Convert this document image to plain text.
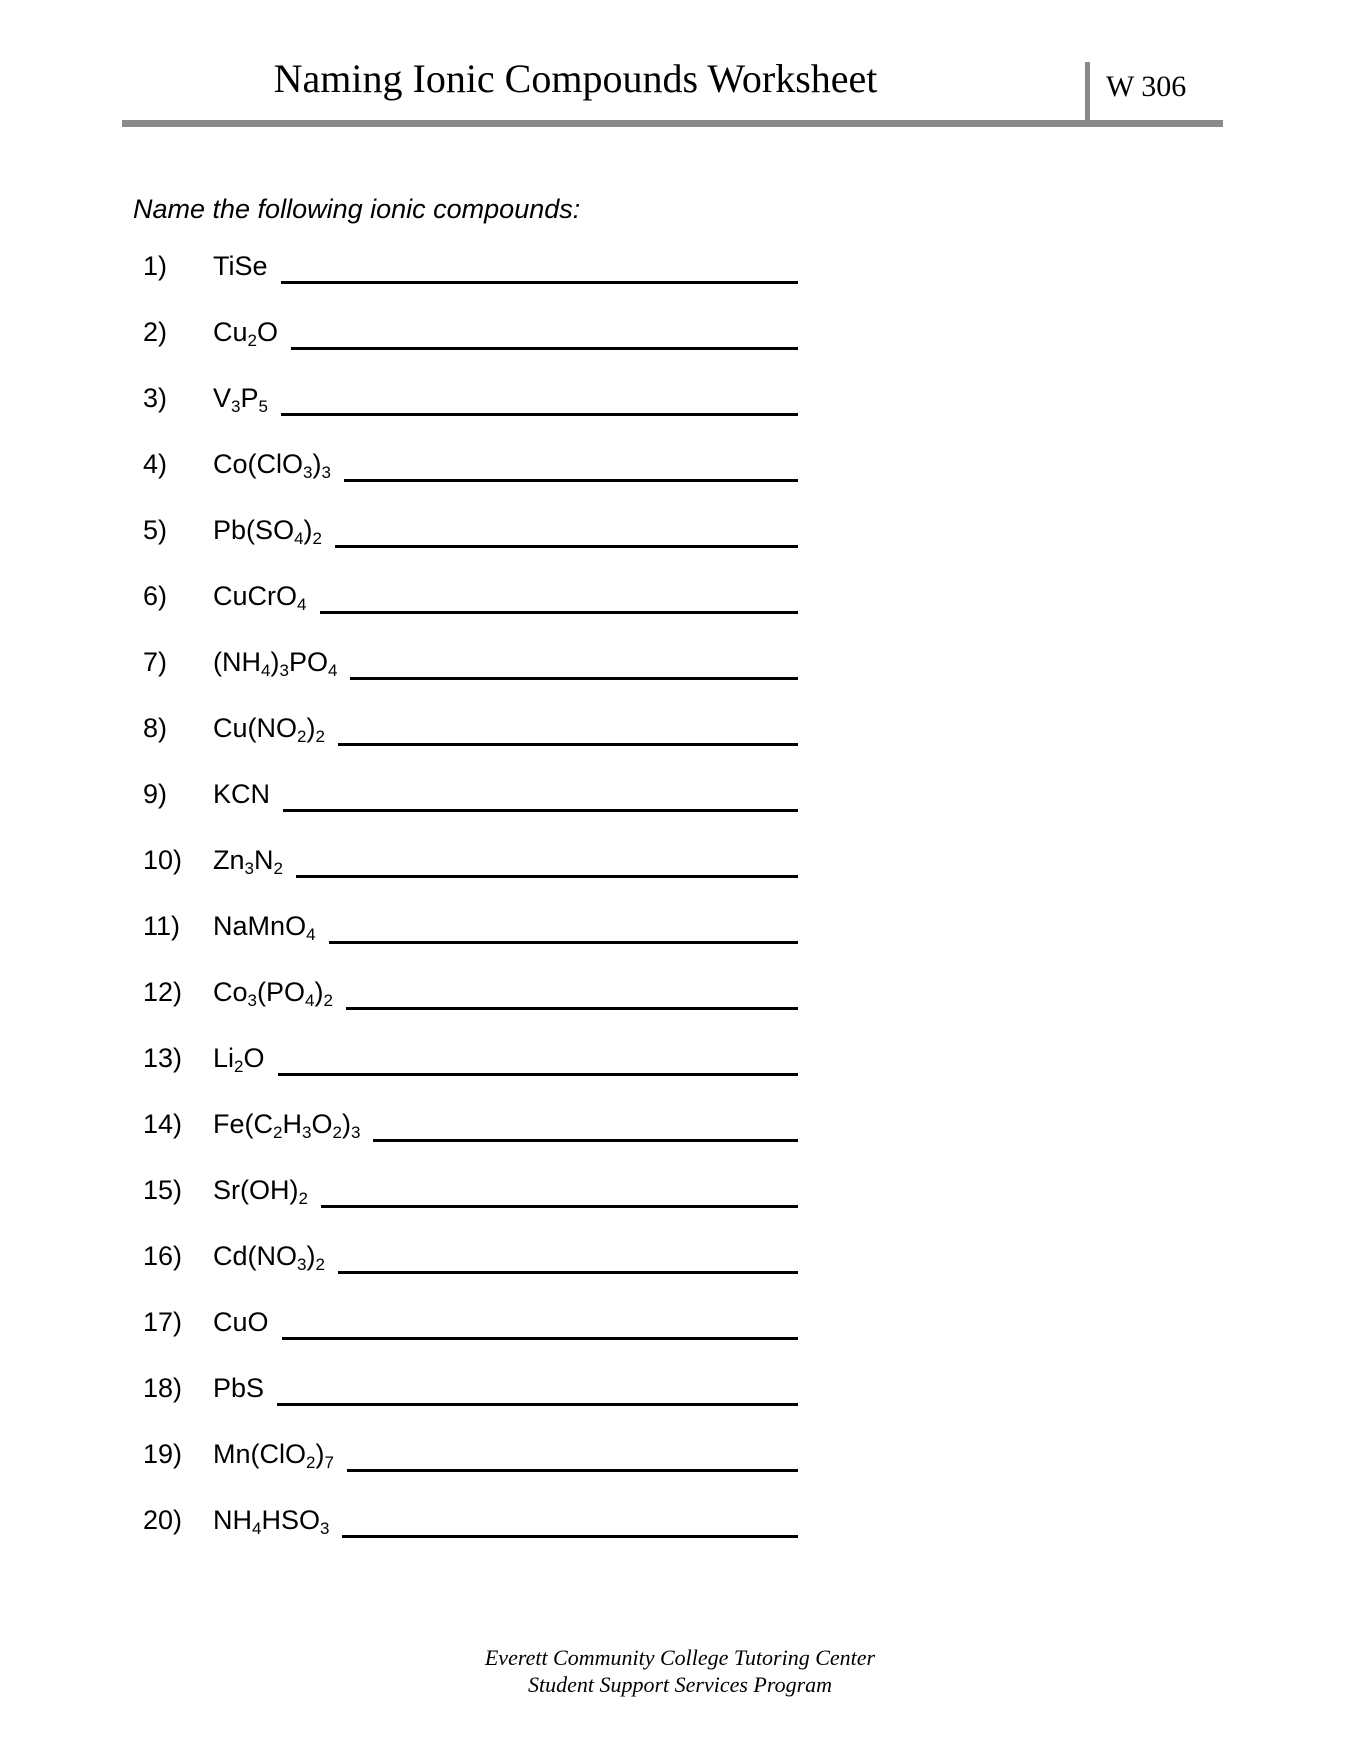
Naming Ionic Compounds Worksheet	W 306
Name the following ionic compounds:
1)	TiSe
2)	Cu2O
3)	V3P5
4)	Co(ClO3)3
5)	Pb(SO4)2
6)	CuCrO4
7)	(NH4)3PO4
8)	Cu(NO2)2
9)	KCN
10)	Zn3N2
11)	NaMnO4
12)	Co3(PO4)2
13)	Li2O
14)	Fe(C2H3O2)3
15)	Sr(OH)2
16)	Cd(NO3)2
17)	CuO
18)	PbS
19)	Mn(ClO2)7
20)	NH4HSO3
Everett Community College Tutoring Center
Student Support Services Program
